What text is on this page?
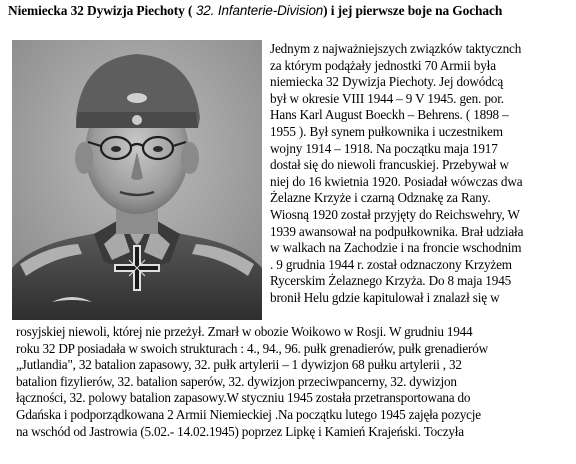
Niemiecka 32 Dywizja Piechoty ( 32. Infanterie-Division) i jej pierwsze boje na Gochach
Jednym z najważniejszych związków taktycznch
za którym podążały jednostki 70 Armii była
niemiecka 32 Dywizja Piechoty. Jej dowódcą
był w okresie VIII 1944 – 9 V 1945. gen. por.
Hans Karl August Boeckh – Behrens. ( 1898 –
1955 ). Był synem pułkownika i uczestnikem
wojny 1914 – 1918. Na początku maja 1917
dostał się do niewoli francuskiej. Przebywał w
niej do 16 kwietnia 1920. Posiadał wówczas dwa
Żelazne Krzyże i czarną Odznakę za Rany.
Wiosną 1920 został przyjęty do Reichswehry, W
1939 awansował na podpułkownika. Brał udziała
w walkach na Zachodzie i na froncie wschodnim
. 9 grudnia 1944 r. został odznaczony Krzyżem
Rycerskim Żelaznego Krzyża. Do 8 maja 1945
bronił Helu gdzie kapitulował i znalazł się w
rosyjskiej niewoli, której nie przeżył. Zmarł w obozie Woikowo w Rosji. W grudniu 1944
roku 32 DP posiadała w swoich strukturach : 4., 94., 96. pułk grenadierów, pułk grenadierów
„Jutlandia", 32 batalion zapasowy, 32. pułk artylerii – 1 dywizjon 68 pułku artylerii , 32
batalion fizylierów, 32. batalion saperów, 32. dywizjon przeciwpancerny, 32. dywizjon
łączności, 32. polowy batalion zapasowy.W styczniu 1945 została przetransportowana do
Gdańska i podporządkowana 2 Armii Niemieckiej .Na początku lutego 1945 zajęła pozycje
na wschód od Jastrowia (5.02.- 14.02.1945) poprzez Lipkę i Kamień Krajeński. Toczyła
